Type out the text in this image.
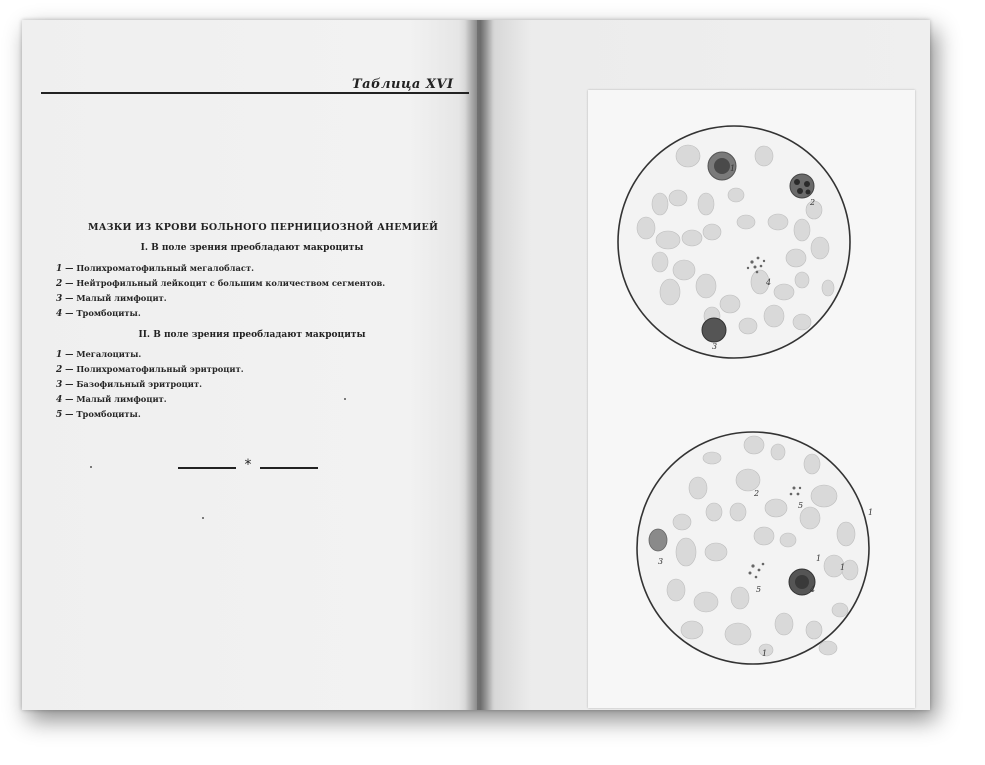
Таблица XVI
МАЗКИ ИЗ КРОВИ БОЛЬНОГО ПЕРНИЦИОЗНОЙ АНЕМИЕЙ
I. В поле зрения преобладают макроциты
1 — Полихроматофильный мегалобласт.
2 — Нейтрофильный лейкоцит с большим количеством сегментов.
3 — Малый лимфоцит.
4 — Тромбоциты.
II. В поле зрения преобладают макроциты
1 — Мегалоциты.
2 — Полихроматофильный эритроцит.
3 — Базофильный эритроцит.
4 — Малый лимфоцит.
5 — Тромбоциты.
*
1
2
3
4
1
1
1
1
2
3
4
5
5
